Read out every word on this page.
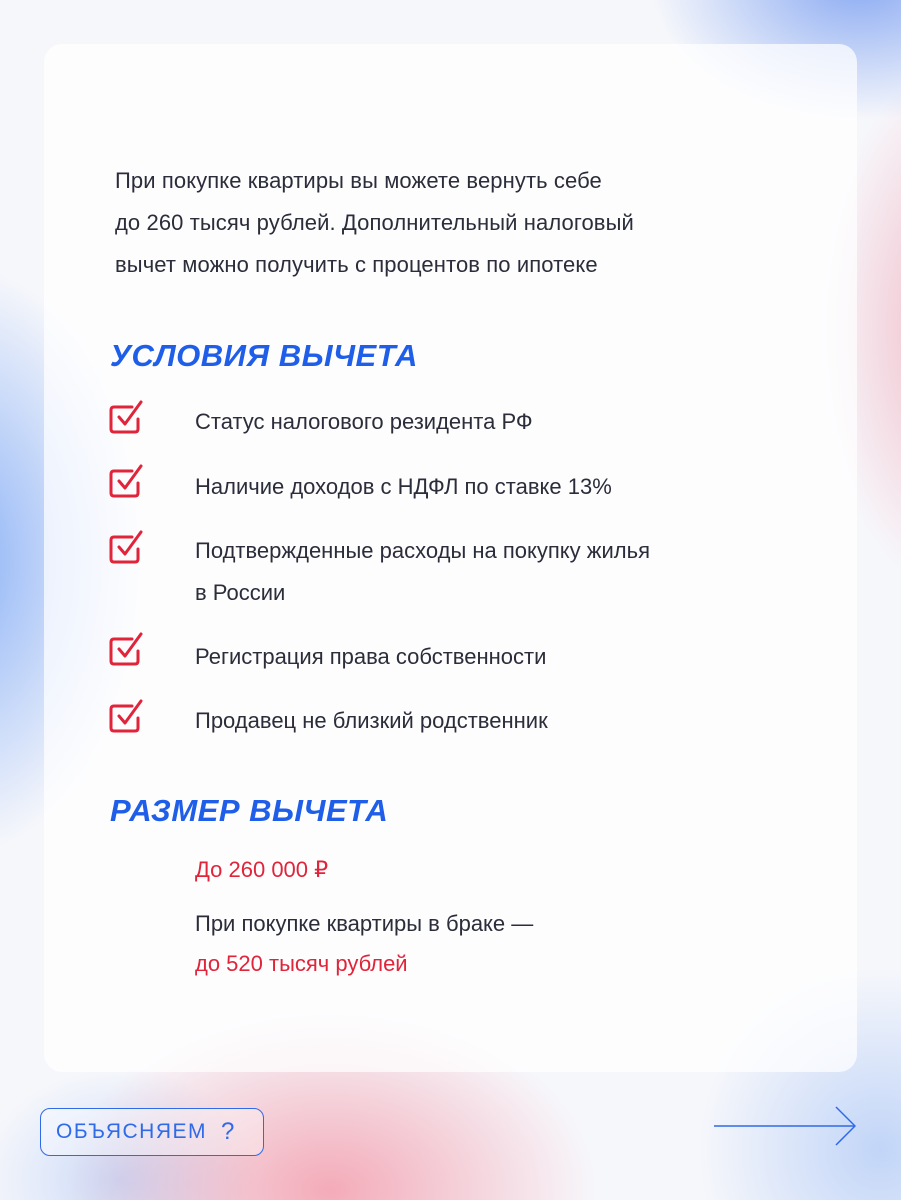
При покупке квартиры вы можете вернуть себе
до 260 тысяч рублей. Дополнительный налоговый
вычет можно получить с процентов по ипотеке
УСЛОВИЯ ВЫЧЕТА
Статус налогового резидента РФ
Наличие доходов с НДФЛ по ставке 13%
Подтвержденные расходы на покупку жилья
в России
Регистрация права собственности
Продавец не близкий родственник
РАЗМЕР ВЫЧЕТА
До 260 000 ₽
При покупке квартиры в браке —
до 520 тысяч рублей
ОБЪЯСНЯЕМ ?
